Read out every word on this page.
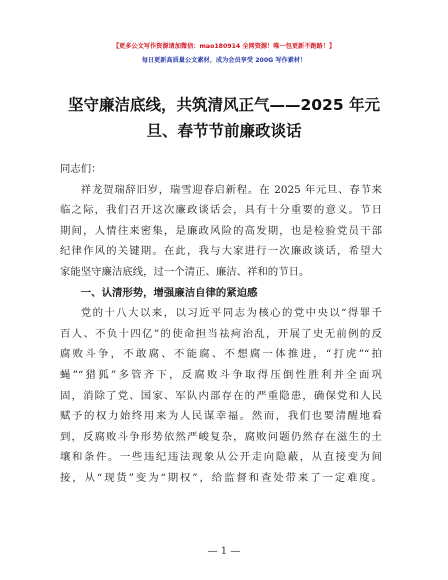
【更多公文写作资源请加微信：mao180914 全网资源！唯一包更新不跑路！】
每日更新高质量公文素材，成为会员享受 200G 写作素材！
坚守廉洁底线，共筑清风正气——2025 年元
旦、春节节前廉政谈话
同志们：
祥龙贺瑞辞旧岁，瑞雪迎春启新程。在 2025 年元旦、春节来
临之际，我们召开这次廉政谈话会，具有十分重要的意义。节日
期间，人情往来密集，是廉政风险的高发期，也是检验党员干部
纪律作风的关键期。在此，我与大家进行一次廉政谈话，希望大
家能坚守廉洁底线，过一个清正、廉洁、祥和的节日。
一、认清形势，增强廉洁自律的紧迫感
党的十八大以来，以习近平同志为核心的党中央以“得罪千
百人、不负十四亿”的使命担当祛疴治乱，开展了史无前例的反
腐败斗争，不敢腐、不能腐、不想腐一体推进，“打虎”“拍
蝇”“猎狐”多管齐下，反腐败斗争取得压倒性胜利并全面巩
固，消除了党、国家、军队内部存在的严重隐患，确保党和人民
赋予的权力始终用来为人民谋幸福。然而，我们也要清醒地看
到，反腐败斗争形势依然严峻复杂，腐败问题仍然存在滋生的土
壤和条件。一些违纪违法现象从公开走向隐蔽，从直接变为间
接，从“现货”变为“期权”，给监督和查处带来了一定难度。
— 1 —
